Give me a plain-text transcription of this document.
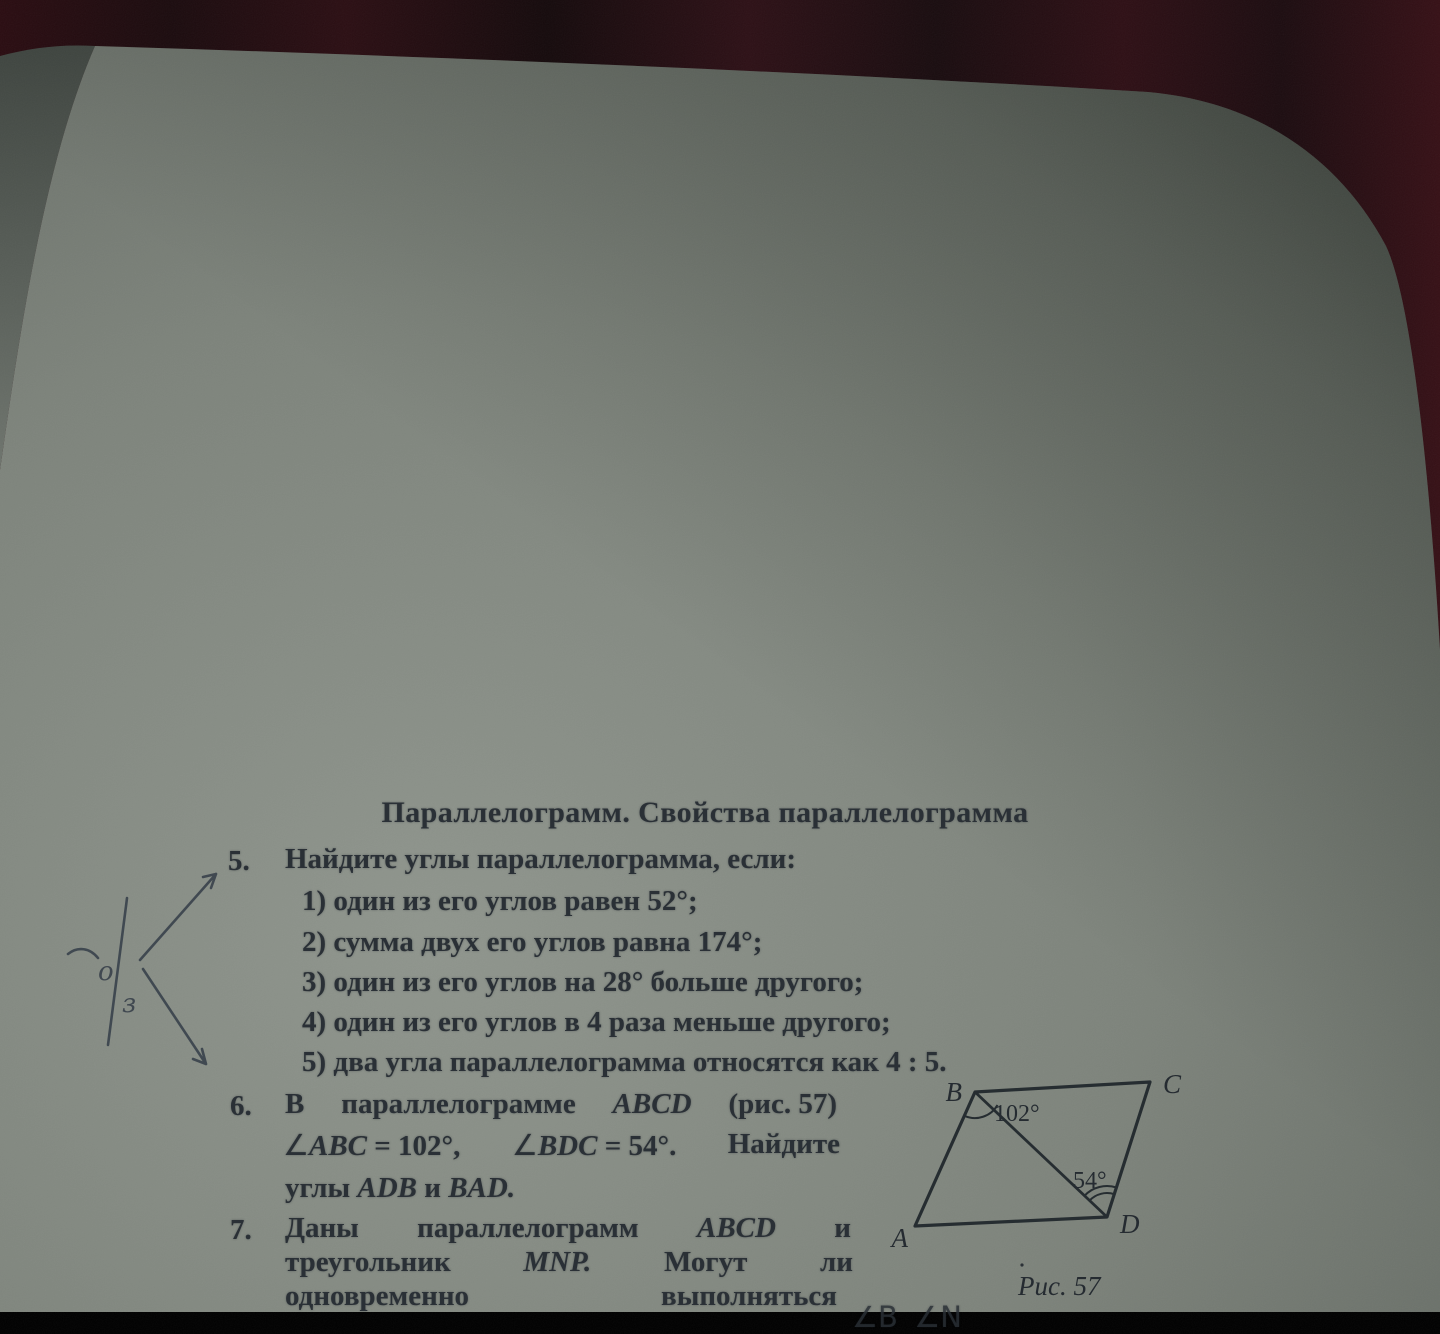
Параллелограмм. Свойства параллелограмма
5. Найдите углы параллелограмма, если:
1) один из его углов равен 52°;
2) сумма двух его углов равна 174°;
3) один из его углов на 28° больше другого;
4) один из его углов в 4 раза меньше другого;
5) два угла параллелограмма относятся как 4 : 5.
6. В параллелограмме ABCD (рис. 57)
∠ABC = 102°, ∠BDC = 54°. Найдите
углы ADB и BAD.
7. Даны параллелограмм ABCD и
треугольник	MNP.	Могут	ли
одновременно	выполняться
∠B ∠N
B	C
A	D
102°
54°
Рис. 57
о
з
